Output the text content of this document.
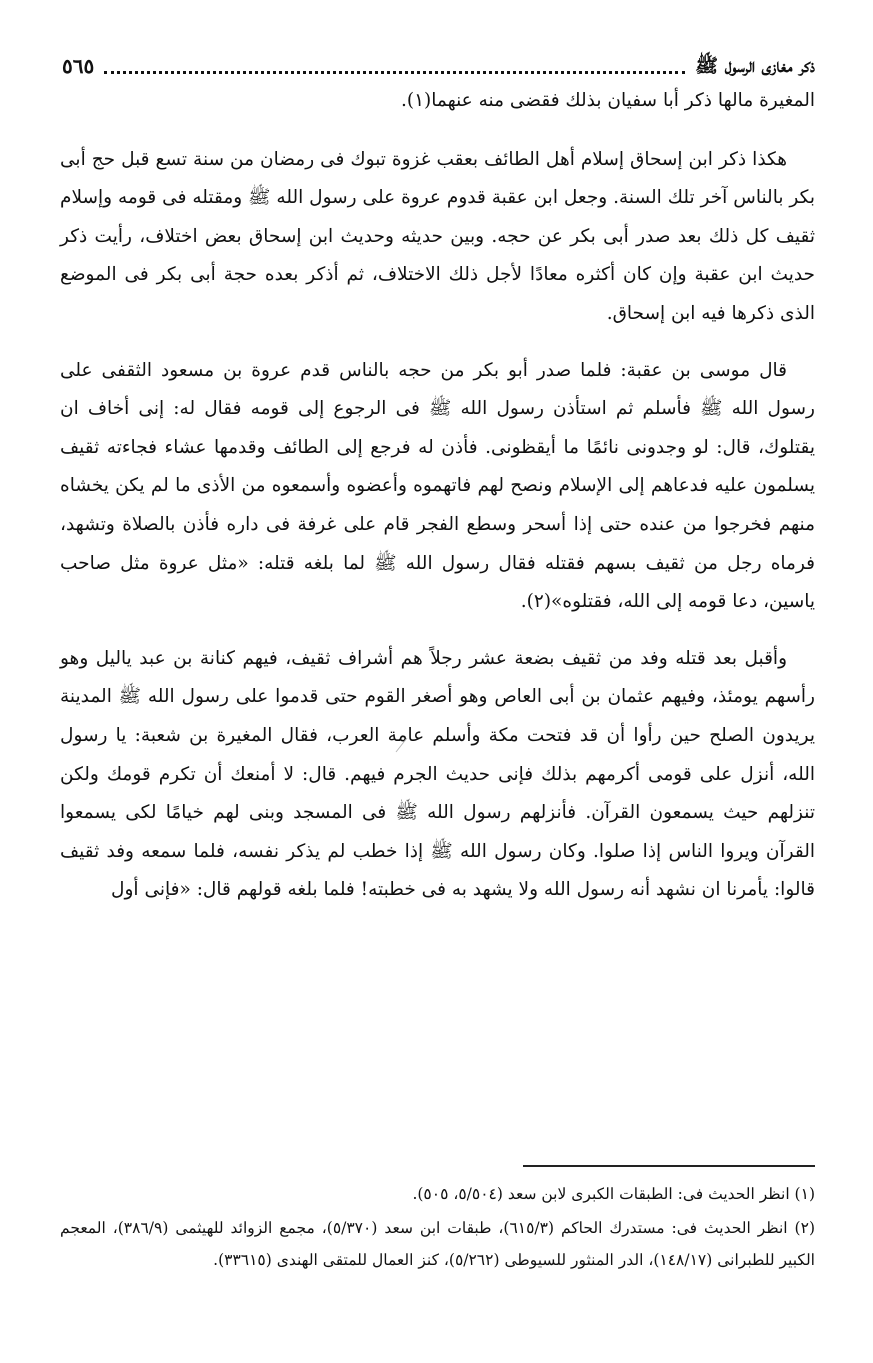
ذكر مغازى الرسول ﷺ
٥٦٥

المغيرة مالها ذكر أبا سفيان بذلك فقضى منه عنهما(١).

هكذا ذكر ابن إسحاق إسلام أهل الطائف بعقب غزوة تبوك فى رمضان من سنة تسع قبل حج أبى بكر بالناس آخر تلك السنة. وجعل ابن عقبة قدوم عروة على رسول الله ﷺ ومقتله فى قومه وإسلام ثقيف كل ذلك بعد صدر أبى بكر عن حجه. وبين حديثه وحديث ابن إسحاق بعض اختلاف، رأيت ذكر حديث ابن عقبة وإن كان أكثره معادًا لأجل ذلك الاختلاف، ثم أذكر بعده حجة أبى بكر فى الموضع الذى ذكرها فيه ابن إسحاق.

قال موسى بن عقبة: فلما صدر أبو بكر من حجه بالناس قدم عروة بن مسعود الثقفى على رسول الله ﷺ فأسلم ثم استأذن رسول الله ﷺ فى الرجوع إلى قومه فقال له: إنى أخاف ان يقتلوك، قال: لو وجدونى نائمًا ما أيقظونى. فأذن له فرجع إلى الطائف وقدمها عشاء فجاءته ثقيف يسلمون عليه فدعاهم إلى الإسلام ونصح لهم فاتهموه وأعضوه وأسمعوه من الأذى ما لم يكن يخشاه منهم فخرجوا من عنده حتى إذا أسحر وسطع الفجر قام على غرفة فى داره فأذن بالصلاة وتشهد، فرماه رجل من ثقيف بسهم فقتله فقال رسول الله ﷺ لما بلغه قتله: «مثل عروة مثل صاحب ياسين، دعا قومه إلى الله، فقتلوه»(٢).

وأقبل بعد قتله وفد من ثقيف بضعة عشر رجلاً هم أشراف ثقيف، فيهم كنانة بن عبد ياليل وهو رأسهم يومئذ، وفيهم عثمان بن أبى العاص وهو أصغر القوم حتى قدموا على رسول الله ﷺ المدينة يريدون الصلح حين رأوا أن قد فتحت مكة وأسلم عامة العرب، فقال المغيرة بن شعبة: يا رسول الله، أنزل على قومى أكرمهم بذلك فإنى حديث الجرم فيهم. قال: لا أمنعك أن تكرم قومك ولكن تنزلهم حيث يسمعون القرآن. فأنزلهم رسول الله ﷺ فى المسجد وبنى لهم خيامًا لكى يسمعوا القرآن ويروا الناس إذا صلوا. وكان رسول الله ﷺ إذا خطب لم يذكر نفسه، فلما سمعه وفد ثقيف قالوا: يأمرنا ان نشهد أنه رسول الله ولا يشهد به فى خطبته! فلما بلغه قولهم قال: «فإنى أول

(١) انظر الحديث فى: الطبقات الكبرى لابن سعد (٥/٥٠٤، ٥٠٥).

(٢) انظر الحديث فى: مستدرك الحاكم (٦١٥/٣)، طبقات ابن سعد (٥/٣٧٠)، مجمع الزوائد للهيثمى (٣٨٦/٩)، المعجم الكبير للطبرانى (١٤٨/١٧)، الدر المنثور للسيوطى (٥/٢٦٢)، كنز العمال للمتقى الهندى (٣٣٦١٥).
